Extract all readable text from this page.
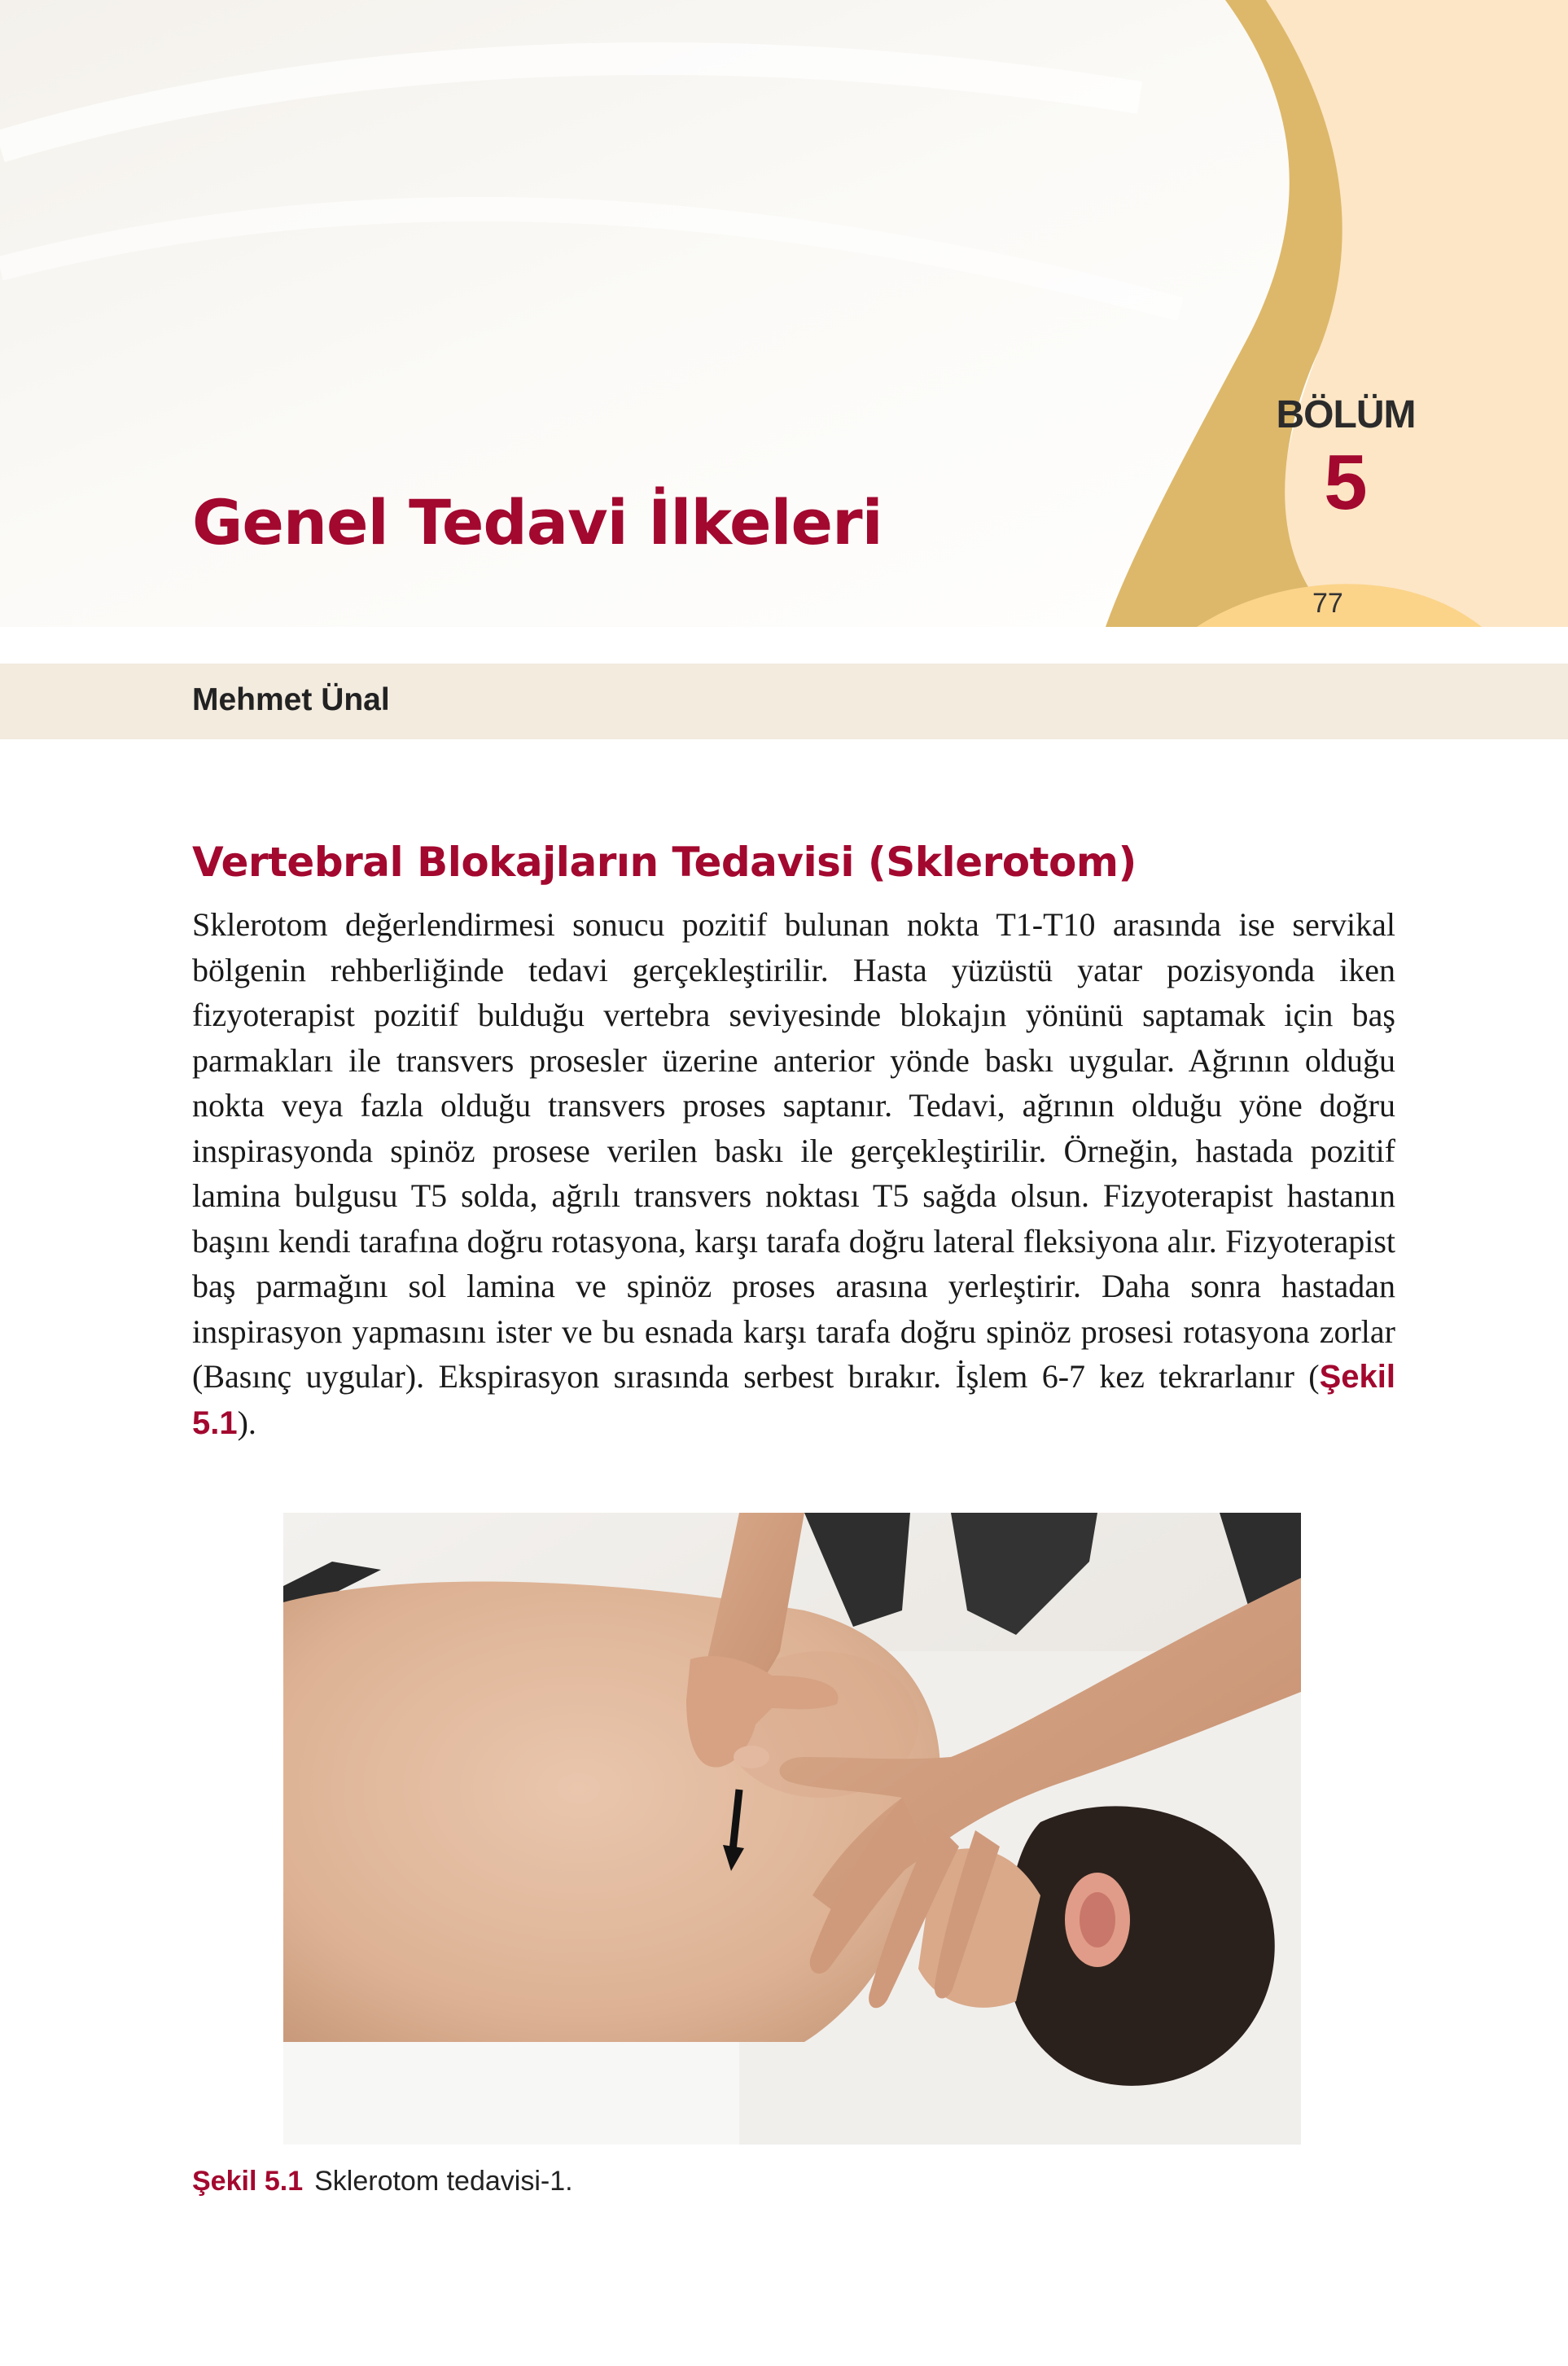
BÖLÜM
5
77
Genel Tedavi İlkeleri
Mehmet Ünal
Vertebral Blokajların Tedavisi (Sklerotom)

Sklerotom değerlendirmesi sonucu pozitif bulunan nokta T1-T10 arasında ise servikal bölgenin rehberliğinde tedavi gerçekleştirilir. Hasta yüzüstü yatar pozisyonda iken fizyoterapist pozitif bulduğu vertebra seviyesinde blokajın yönünü saptamak için baş parmakları ile transvers prosesler üzerine anterior yönde baskı uygular. Ağrının olduğu nokta veya fazla olduğu transvers proses saptanır. Tedavi, ağrının olduğu yöne doğru inspirasyonda spinöz prosese verilen baskı ile gerçekleştirilir. Örneğin, hastada pozitif lamina bulgusu T5 solda, ağrılı transvers noktası T5 sağda olsun. Fizyoterapist hastanın başını kendi tarafına doğru rotasyona, karşı tarafa doğru lateral fleksiyona alır. Fizyoterapist baş parmağını sol lamina ve spinöz proses arasına yerleştirir. Daha sonra hastadan inspirasyon yapmasını ister ve bu esnada karşı tarafa doğru spinöz prosesi rotasyona zorlar (Basınç uygular). Ekspirasyon sırasında serbest bırakır. İşlem 6-7 kez tekrarlanır (Şekil 5.1).

Şekil 5.1 Sklerotom tedavisi-1.
